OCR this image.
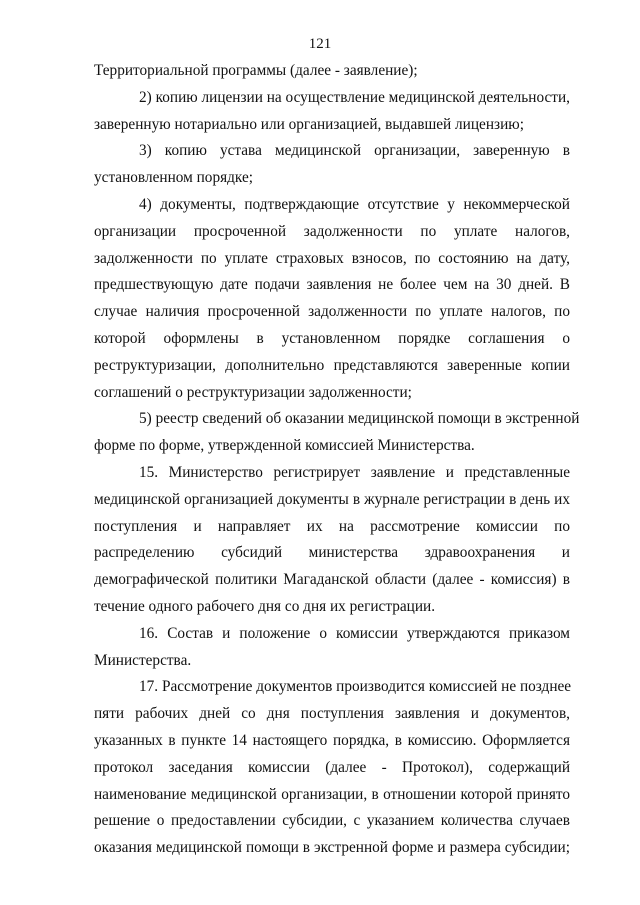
121
Территориальной программы (далее - заявление);
2) копию лицензии на осуществление медицинской деятельности,
заверенную нотариально или организацией, выдавшей лицензию;
3) копию устава медицинской организации, заверенную в
установленном порядке;
4) документы, подтверждающие отсутствие у некоммерческой
организации просроченной задолженности по уплате налогов,
задолженности по уплате страховых взносов, по состоянию на дату,
предшествующую дате подачи заявления не более чем на 30 дней. В
случае наличия просроченной задолженности по уплате налогов, по
которой оформлены в установленном порядке соглашения о
реструктуризации, дополнительно представляются заверенные копии
соглашений о реструктуризации задолженности;
5) реестр сведений об оказании медицинской помощи в экстренной
форме по форме, утвержденной комиссией Министерства.
15. Министерство регистрирует заявление и представленные
медицинской организацией документы в журнале регистрации в день их
поступления и направляет их на рассмотрение комиссии по
распределению субсидий министерства здравоохранения и
демографической политики Магаданской области (далее - комиссия) в
течение одного рабочего дня со дня их регистрации.
16. Состав и положение о комиссии утверждаются приказом
Министерства.
17. Рассмотрение документов производится комиссией не позднее
пяти рабочих дней со дня поступления заявления и документов,
указанных в пункте 14 настоящего порядка, в комиссию. Оформляется
протокол заседания комиссии (далее - Протокол), содержащий
наименование медицинской организации, в отношении которой принято
решение о предоставлении субсидии, с указанием количества случаев
оказания медицинской помощи в экстренной форме и размера субсидии;
